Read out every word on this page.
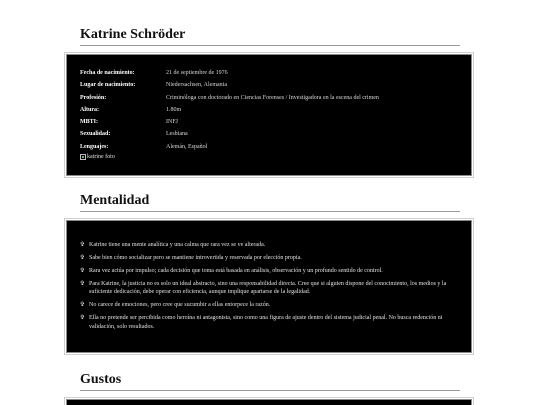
Katrine Schröder
Fecha de nacimiento:	21 de septiembre de 1976
Lugar de nacimiento:	Niedersachsen, Alemania
Profesión:	Criminóloga con doctorado en Ciencias Forenses / Investigadora en la escena del crimen
Altura:	1.80m
MBTI:	INFJ
Sexualidad:	Lesbiana
Lenguajes:	Alemán, Español
katrine foto
Mentalidad
✞ Katrine tiene una mente analítica y una calma que rara vez se ve alterada.
✞ Sabe bien cómo socializar pero se mantiene introvertida y reservada por elección propia.
✞ Rara vez actúa por impulso; cada decisión que toma está basada en análisis, observación y un profundo sentido de control.
✞ Para Katrine, la justicia no es solo un ideal abstracto, sino una responsabilidad directa. Cree que si alguien dispone del conocimiento, los medios y la suficiente dedicación, debe operar con eficiencia, aunque implique apartarse de la legalidad.
✞ No carece de emociones, pero cree que sucumbir a ellas entorpece la razón.
✞ Ella no pretende ser percibida como heroína ni antagonista, sino como una figura de ajuste dentro del sistema judicial penal. No busca redención ni validación, solo resultados.
Gustos
